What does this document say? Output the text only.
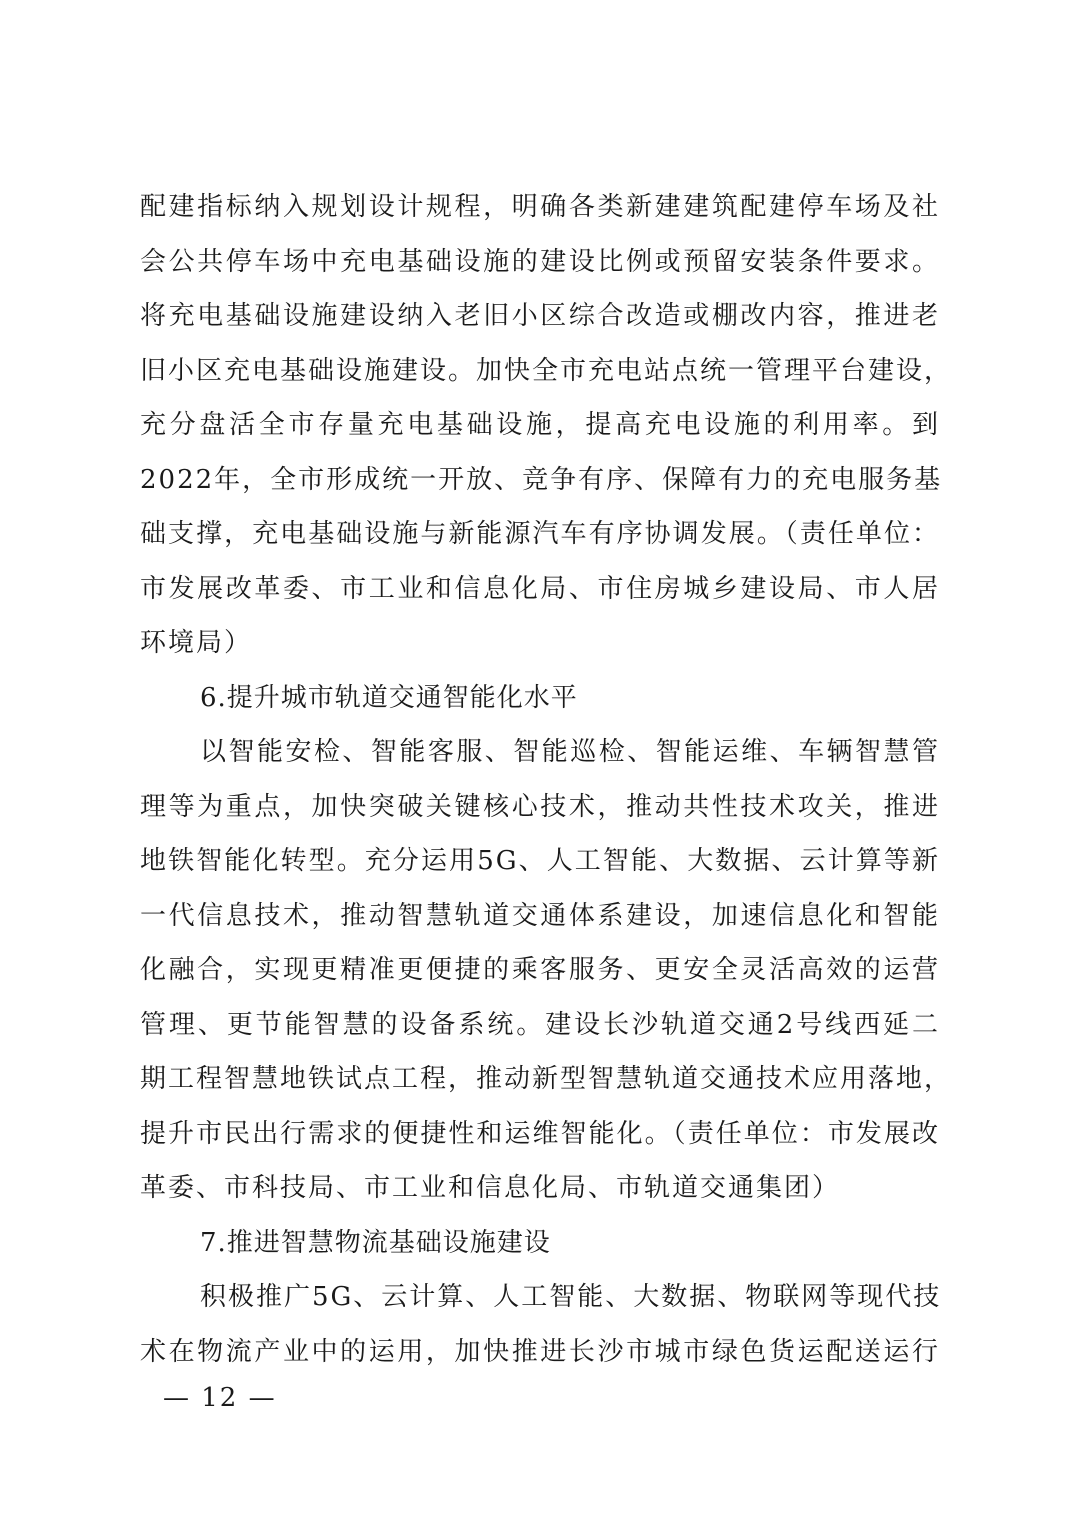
配建指标纳入规划设计规程，明确各类新建建筑配建停车场及社
会公共停车场中充电基础设施的建设比例或预留安装条件要求。
将充电基础设施建设纳入老旧小区综合改造或棚改内容，推进老
旧小区充电基础设施建设。加快全市充电站点统一管理平台建设，
充分盘活全市存量充电基础设施，提高充电设施的利用率。到
2022年，全市形成统一开放、竞争有序、保障有力的充电服务基
础支撑，充电基础设施与新能源汽车有序协调发展。（责任单位：
市发展改革委、市工业和信息化局、市住房城乡建设局、市人居
环境局）
6.提升城市轨道交通智能化水平
以智能安检、智能客服、智能巡检、智能运维、车辆智慧管
理等为重点，加快突破关键核心技术，推动共性技术攻关，推进
地铁智能化转型。充分运用5G、人工智能、大数据、云计算等新
一代信息技术，推动智慧轨道交通体系建设，加速信息化和智能
化融合，实现更精准更便捷的乘客服务、更安全灵活高效的运营
管理、更节能智慧的设备系统。建设长沙轨道交通2号线西延二
期工程智慧地铁试点工程，推动新型智慧轨道交通技术应用落地，
提升市民出行需求的便捷性和运维智能化。（责任单位：市发展改
革委、市科技局、市工业和信息化局、市轨道交通集团）
7.推进智慧物流基础设施建设
积极推广5G、云计算、人工智能、大数据、物联网等现代技
术在物流产业中的运用，加快推进长沙市城市绿色货运配送运行
— 12 —
